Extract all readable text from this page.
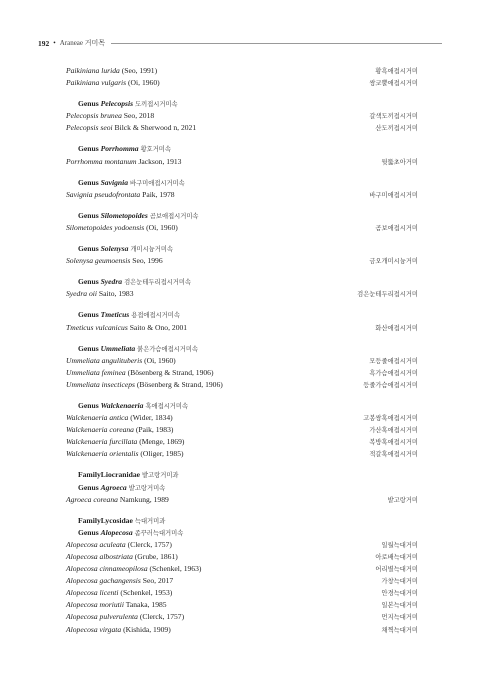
192 • Araneae 거미목
Paikiniana lurida (Seo, 1991)	황흑애접시거미
Paikiniana vulgaris (Oi, 1960)	쌍코뿔애접시거미
Genus Pelecopsis 도끼접시거미속
Pelecopsis brunea Seo, 2018	갈색도끼접시거미
Pelecopsis seoi Bilck & Sherwood n, 2021	산도끼접시거미
Genus Porrhomma 황호거미속
Porrhomma montanum Jackson, 1913	뒷뚫초아거미
Genus Savignia 바구미애접시거미속
Savignia pseudofrontata Paik, 1978	바구미애접시거미
Genus Silometopoides 곰보애접시거미속
Silometopoides yodoensis (Oi, 1960)	곰보애접시거미
Genus Solenysa 개미시늉거미속
Solenysa geumoensis Seo, 1996	금오개미시늉거미
Genus Syedra 검은눈테두리접시거미속
Syedra oii Saito, 1983	검은눈테두리접시거미
Genus Tmeticus 용접애접시거미속
Tmeticus vulcanicus Saito & Ono, 2001	화산애접시거미
Genus Ummeliata 붉은가슴애접시거미속
Ummeliata angulituberis (Oi, 1960)	모등줄애접시거미
Ummeliata feminea (Bösenberg & Strand, 1906)	흑가슴애접시거미
Ummeliata insecticeps (Bösenberg & Strand, 1906)	등줄가슴애접시거미
Genus Walckenaeria 혹애접시거미속
Walckenaeria antica (Wider, 1834)	고봉쌍혹애접시거미
Walckenaeria coreana (Paik, 1983)	가산혹애접시거미
Walckenaeria furcillata (Menge, 1869)	복방혹애접시거미
Walckenaeria orientalis (Oliger, 1985)	적갈혹애접시거미
Family Liocranidae 밭고랑거미과
Genus Agroeca 밭고랑거미속
Agroeca coreana Namkung, 1989	밭고랑거미
Family Lycosidae 늑대거미과
Genus Alopecosa 좀꾸러늑대거미속
Alopecosa aculeata (Clerck, 1757)	일월늑대거미
Alopecosa albostriata (Grube, 1861)	아로배늑대거미
Alopecosa cinnameopilosa (Schenkel, 1963)	어리별늑대거미
Alopecosa gachangensis Seo, 2017	가창늑대거미
Alopecosa licenti (Schenkel, 1953)	안경늑대거미
Alopecosa moriutii Tanaka, 1985	일본늑대거미
Alopecosa pulverulenta (Clerck, 1757)	먼지늑대거미
Alopecosa virgata (Kishida, 1909)	채찍늑대거미
